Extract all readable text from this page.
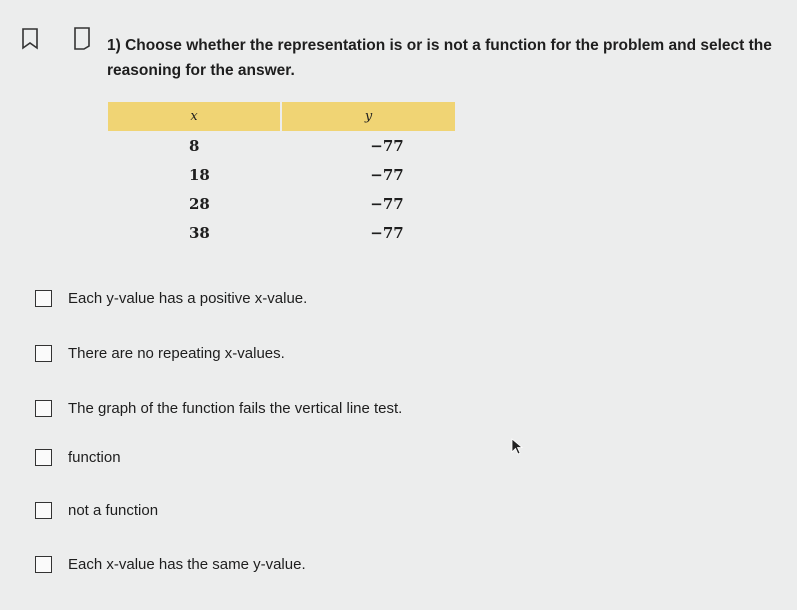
1) Choose whether the representation is or is not a function for the problem and select the reasoning for the answer.
x	y
8	−77
18	−77
28	−77
38	−77
Each y-value has a positive x-value.
There are no repeating x-values.
The graph of the function fails the vertical line test.
function
not a function
Each x-value has the same y-value.
